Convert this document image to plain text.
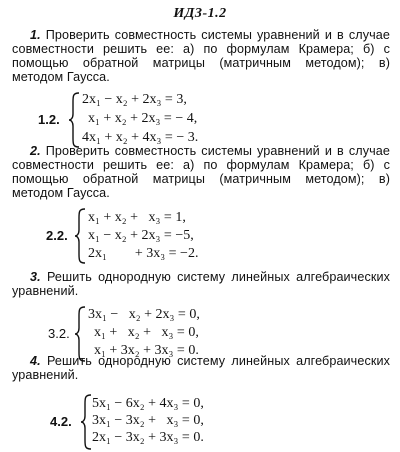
ИДЗ-1.2
1. Проверить совместность системы уравнений и в случае совместности решить ее: а) по формулам Крамера; б) с помощью обратной матрицы (матричным методом); в) методом Гаусса.
1.2.
2x₁ − x₂ + 2x₃ = 3,
x₁ + x₂ + 2x₃ = − 4,
4x₁ + x₂ + 4x₃ = − 3.
2. Проверить совместность системы уравнений и в случае совместности решить ее: а) по формулам Крамера; б) с помощью обратной матрицы (матричным методом); в) методом Гаусса.
2.2.
x₁ + x₂ +   x₃ = 1,
x₁ − x₂ + 2x₃ = −5,
2x₁        + 3x₃ = −2.
3. Решить однородную систему линейных алгебраических уравнений.
3.2.
3x₁ −   x₂ + 2x₃ = 0,
x₁ +   x₂ +   x₃ = 0,
x₁ + 3x₂ + 3x₃ = 0.
4. Решить однородную систему линейных алгебраических уравнений.
4.2.
5x₁ − 6x₂ + 4x₃ = 0,
3x₁ − 3x₂ +   x₃ = 0,
2x₁ − 3x₂ + 3x₃ = 0.
